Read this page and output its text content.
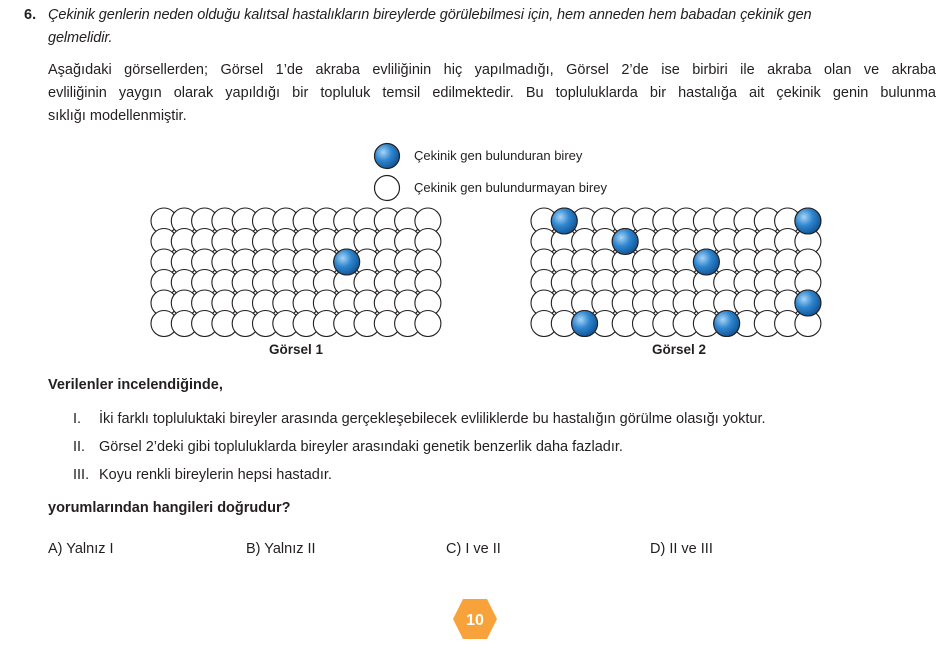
6. Çekinik genlerin neden olduğu kalıtsal hastalıkların bireylerde görülebilmesi için, hem anneden hem babadan çekinik gen
gelmelidir.
Aşağıdaki görsellerden; Görsel 1’de akraba evliliğinin hiç yapılmadığı, Görsel 2’de ise birbiri ile akraba olan ve akraba
evliliğinin yaygın olarak yapıldığı bir topluluk temsil edilmektedir. Bu topluluklarda bir hastalığa ait çekinik genin bulunma
sıklığı modellenmiştir.
Çekinik gen bulunduran birey
Çekinik gen bulundurmayan birey
Görsel 1	Görsel 2
Verilenler incelendiğinde,
I. İki farklı topluluktaki bireyler arasında gerçekleşebilecek evliliklerde bu hastalığın görülme olasığı yoktur.
II. Görsel 2’deki gibi topluluklarda bireyler arasındaki genetik benzerlik daha fazladır.
III. Koyu renkli bireylerin hepsi hastadır.
yorumlarından hangileri doğrudur?
A) Yalnız I	B) Yalnız II	C) I ve II	D) II ve III
10
